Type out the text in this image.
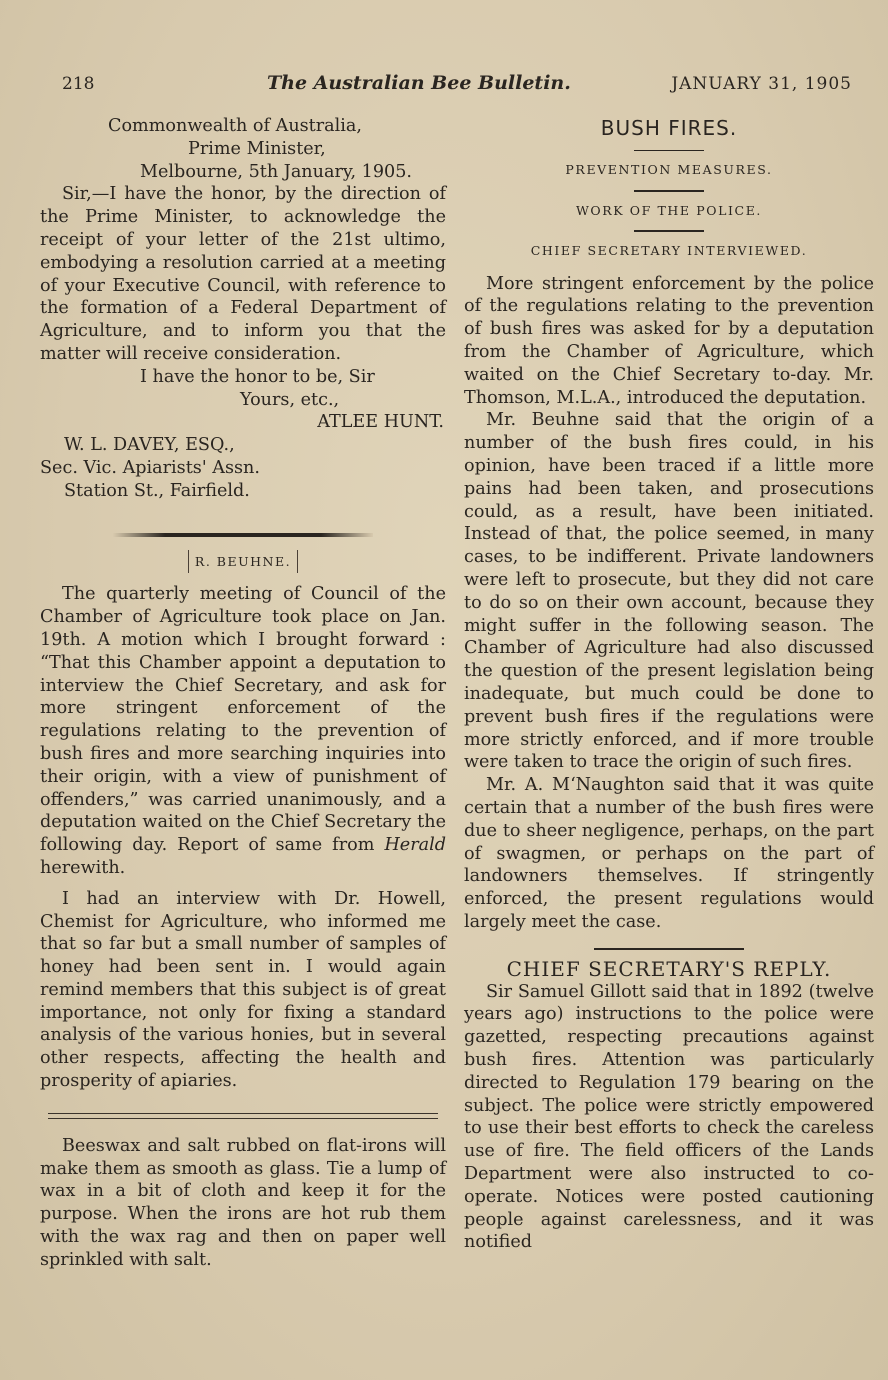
218	The Australian Bee Bulletin.	JANUARY 31, 1905

Commonwealth of Australia,

Prime Minister,

Melbourne, 5th January, 1905.

Sir,—I have the honor, by the direction of the Prime Minister, to acknowledge the receipt of your letter of the 21st ultimo, embodying a resolution carried at a meeting of your Executive Council, with reference to the formation of a Federal Department of Agriculture, and to inform you that the matter will receive consideration.

I have the honor to be, Sir

Yours, etc.,

ATLEE HUNT.

W. L. DAVEY, ESQ.,

Sec. Vic. Apiarists' Assn.

Station St., Fairfield.

R. BEUHNE.

The quarterly meeting of Council of the Chamber of Agriculture took place on Jan. 19th. A motion which I brought forward : “That this Chamber appoint a deputation to interview the Chief Secretary, and ask for more stringent enforcement of the regulations relating to the prevention of bush fires and more searching inquiries into their origin, with a view of punishment of offenders,” was carried unanimously, and a deputation waited on the Chief Secretary the following day. Report of same from Herald herewith.

I had an interview with Dr. Howell, Chemist for Agriculture, who informed me that so far but a small number of samples of honey had been sent in. I would again remind members that this subject is of great importance, not only for fixing a standard analysis of the various honies, but in several other respects, affecting the health and prosperity of apiaries.

Beeswax and salt rubbed on flat-irons will make them as smooth as glass. Tie a lump of wax in a bit of cloth and keep it for the purpose. When the irons are hot rub them with the wax rag and then on paper well sprinkled with salt.

BUSH FIRES.
PREVENTION MEASURES.
WORK OF THE POLICE.
CHIEF SECRETARY INTERVIEWED.

More stringent enforcement by the police of the regulations relating to the prevention of bush fires was asked for by a deputation from the Chamber of Agriculture, which waited on the Chief Secretary to-day. Mr. Thomson, M.L.A., introduced the deputation.

Mr. Beuhne said that the origin of a number of the bush fires could, in his opinion, have been traced if a little more pains had been taken, and prosecutions could, as a result, have been initiated. Instead of that, the police seemed, in many cases, to be indifferent. Private landowners were left to prosecute, but they did not care to do so on their own account, because they might suffer in the following season. The Chamber of Agriculture had also discussed the question of the present legislation being inadequate, but much could be done to prevent bush fires if the regulations were more strictly enforced, and if more trouble were taken to trace the origin of such fires.

Mr. A. M‘Naughton said that it was quite certain that a number of the bush fires were due to sheer negligence, perhaps, on the part of swagmen, or perhaps on the part of landowners themselves. If stringently enforced, the present regulations would largely meet the case.

CHIEF SECRETARY'S REPLY.

Sir Samuel Gillott said that in 1892 (twelve years ago) instructions to the police were gazetted, respecting precautions against bush fires. Attention was particularly directed to Regulation 179 bearing on the subject. The police were strictly empowered to use their best efforts to check the careless use of fire. The field officers of the Lands Department were also instructed to co-operate. Notices were posted cautioning people against carelessness, and it was notified
